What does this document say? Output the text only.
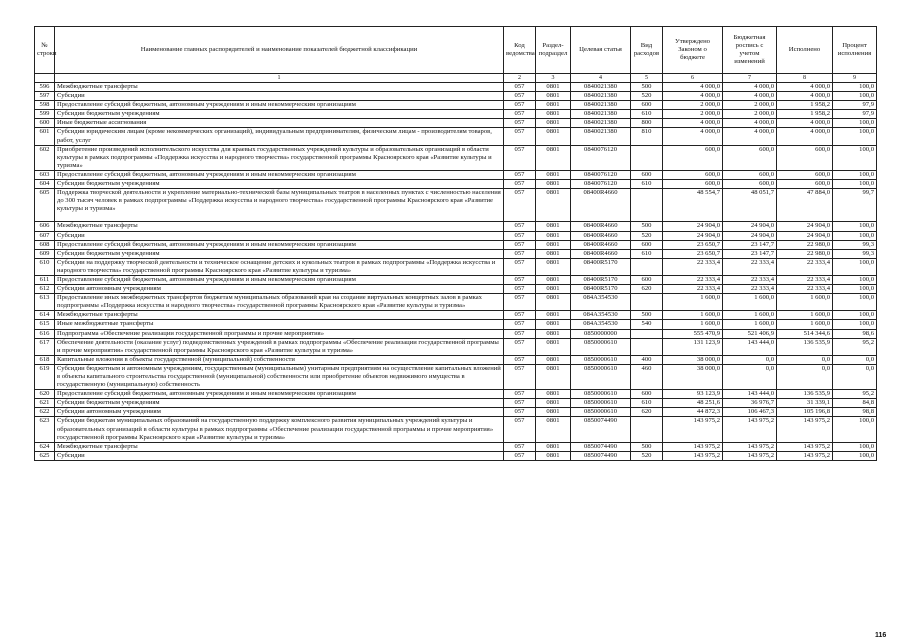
№ строки	Наименование главных распорядителей и наименование показателей бюджетной классификации	Код ведомства	Раздел-подраздел	Целевая статья	Вид расходов	Утверждено Законом о бюджете	Бюджетная роспись с учетом изменений	Исполнено	Процент исполнения
	1	2	3	4	5	6	7	8	9
596	Межбюджетные трансферты	057	0801	0840021380	500	4 000,0	4 000,0	4 000,0	100,0
597	Субсидии	057	0801	0840021380	520	4 000,0	4 000,0	4 000,0	100,0
598	Предоставление субсидий бюджетным, автономным учреждениям и иным некоммерческим организациям	057	0801	0840021380	600	2 000,0	2 000,0	1 958,2	97,9
599	Субсидии бюджетным учреждениям	057	0801	0840021380	610	2 000,0	2 000,0	1 958,2	97,9
600	Иные бюджетные ассигнования	057	0801	0840021380	800	4 000,0	4 000,0	4 000,0	100,0
601	Субсидии юридическим лицам (кроме некоммерческих организаций), индивидуальным предпринимателям, физическим лицам - производителям товаров, работ, услуг	057	0801	0840021380	810	4 000,0	4 000,0	4 000,0	100,0
602	Приобретение произведений исполнительского искусства для краевых государственных учреждений культуры и образовательных организаций в области культуры в рамках подпрограммы «Поддержка искусства и народного творчества» государственной программы Красноярского края «Развитие культуры и туризма»	057	0801	0840076120		600,0	600,0	600,0	100,0
603	Предоставление субсидий бюджетным, автономным учреждениям и иным некоммерческим организациям	057	0801	0840076120	600	600,0	600,0	600,0	100,0
604	Субсидии бюджетным учреждениям	057	0801	0840076120	610	600,0	600,0	600,0	100,0
605	Поддержка творческой деятельности и укрепление материально-технической базы муниципальных театров в населенных пунктах с численностью населения до 300 тысяч человек в рамках подпрограммы «Поддержка искусства и народного творчества» государственной программы Красноярского края «Развитие культуры и туризма»	057	0801	08400R4660		48 554,7	48 051,7	47 884,0	99,7
606	Межбюджетные трансферты	057	0801	08400R4660	500	24 904,0	24 904,0	24 904,0	100,0
607	Субсидии	057	0801	08400R4660	520	24 904,0	24 904,0	24 904,0	100,0
608	Предоставление субсидий бюджетным, автономным учреждениям и иным некоммерческим организациям	057	0801	08400R4660	600	23 650,7	23 147,7	22 980,0	99,3
609	Субсидии бюджетным учреждениям	057	0801	08400R4660	610	23 650,7	23 147,7	22 980,0	99,3
610	Субсидии на поддержку творческой деятельности и техническое оснащение детских и кукольных театров в рамках подпрограммы «Поддержка искусства и народного творчества» государственной программы Красноярского края «Развитие культуры и туризма»	057	0801	08400R5170		22 333,4	22 333,4	22 333,4	100,0
611	Предоставление субсидий бюджетным, автономным учреждениям и иным некоммерческим организациям	057	0801	08400R5170	600	22 333,4	22 333,4	22 333,4	100,0
612	Субсидии автономным учреждениям	057	0801	08400R5170	620	22 333,4	22 333,4	22 333,4	100,0
613	Предоставление иных межбюджетных трансфертов бюджетам муниципальных образований края на создание виртуальных концертных залов в рамках подпрограммы «Поддержка искусства и народного творчества» государственной программы Красноярского края «Развитие культуры и туризма»	057	0801	084A354530		1 600,0	1 600,0	1 600,0	100,0
614	Межбюджетные трансферты	057	0801	084A354530	500	1 600,0	1 600,0	1 600,0	100,0
615	Иные межбюджетные трансферты	057	0801	084A354530	540	1 600,0	1 600,0	1 600,0	100,0
616	Подпрограмма «Обеспечение реализации государственной программы и прочие мероприятия»	057	0801	0850000000		555 470,9	521 406,9	514 344,6	98,6
617	Обеспечение деятельности (оказание услуг) подведомственных учреждений в рамках подпрограммы «Обеспечение реализации государственной программы и прочие мероприятия» государственной программы Красноярского края «Развитие культуры и туризма»	057	0801	0850000610		131 123,9	143 444,0	136 535,9	95,2
618	Капитальные вложения в объекты государственной (муниципальной) собственности	057	0801	0850000610	400	38 000,0	0,0	0,0	0,0
619	Субсидии бюджетным и автономным учреждениям, государственным (муниципальным) унитарным предприятиям на осуществление капитальных вложений в объекты капитального строительства государственной (муниципальной) собственности или приобретение объектов недвижимого имущества в государственную (муниципальную) собственность	057	0801	0850000610	460	38 000,0	0,0	0,0	0,0
620	Предоставление субсидий бюджетным, автономным учреждениям и иным некоммерческим организациям	057	0801	0850000610	600	93 123,9	143 444,0	136 535,9	95,2
621	Субсидии бюджетным учреждениям	057	0801	0850000610	610	48 251,6	36 976,7	31 339,1	84,8
622	Субсидии автономным учреждениям	057	0801	0850000610	620	44 872,3	106 467,3	105 196,8	98,8
623	Субсидии бюджетам муниципальных образований на государственную поддержку комплексного развития муниципальных учреждений культуры и образовательных организаций в области культуры в рамках подпрограммы «Обеспечение реализации государственной программы и прочие мероприятия» государственной программы Красноярского края «Развитие культуры и туризма»	057	0801	0850074490		143 975,2	143 975,2	143 975,2	100,0
624	Межбюджетные трансферты	057	0801	0850074490	500	143 975,2	143 975,2	143 975,2	100,0
625	Субсидии	057	0801	0850074490	520	143 975,2	143 975,2	143 975,2	100,0
116
